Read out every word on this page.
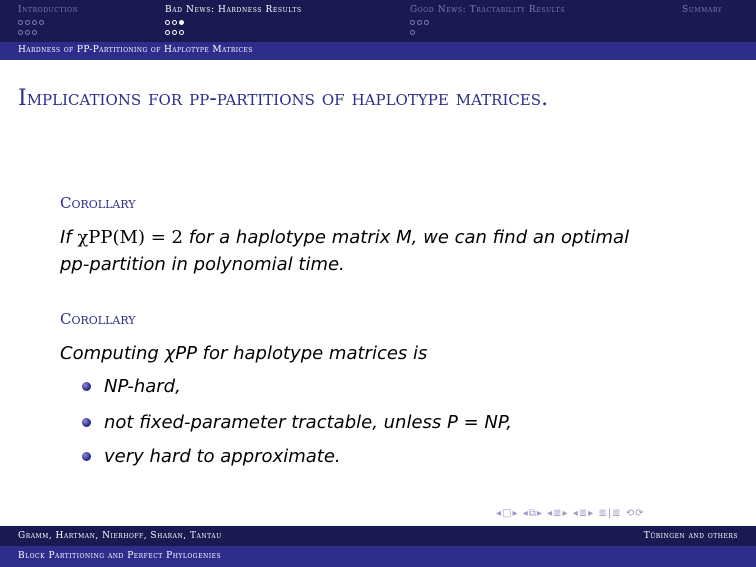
Introduction	Bad News: Hardness Results	Good News: Tractability Results	Summary
Hardness of PP-Partitioning of Haplotype Matrices
Implications for pp-partitions of haplotype matrices.
Corollary
If χPP(M) = 2 for a haplotype matrix M, we can find an optimal
pp-partition in polynomial time.
Corollary
Computing χPP for haplotype matrices is
NP-hard,
not fixed-parameter tractable, unless P = NP,
very hard to approximate.
◂□▸ ◂⧉▸ ◂≣▸ ◂≣▸ ≣|≣ ⟲⟳
Gramm, Hartman, Nierhoff, Sharan, Tantau	Tübingen and others
Block Partitioning and Perfect Phylogenies
